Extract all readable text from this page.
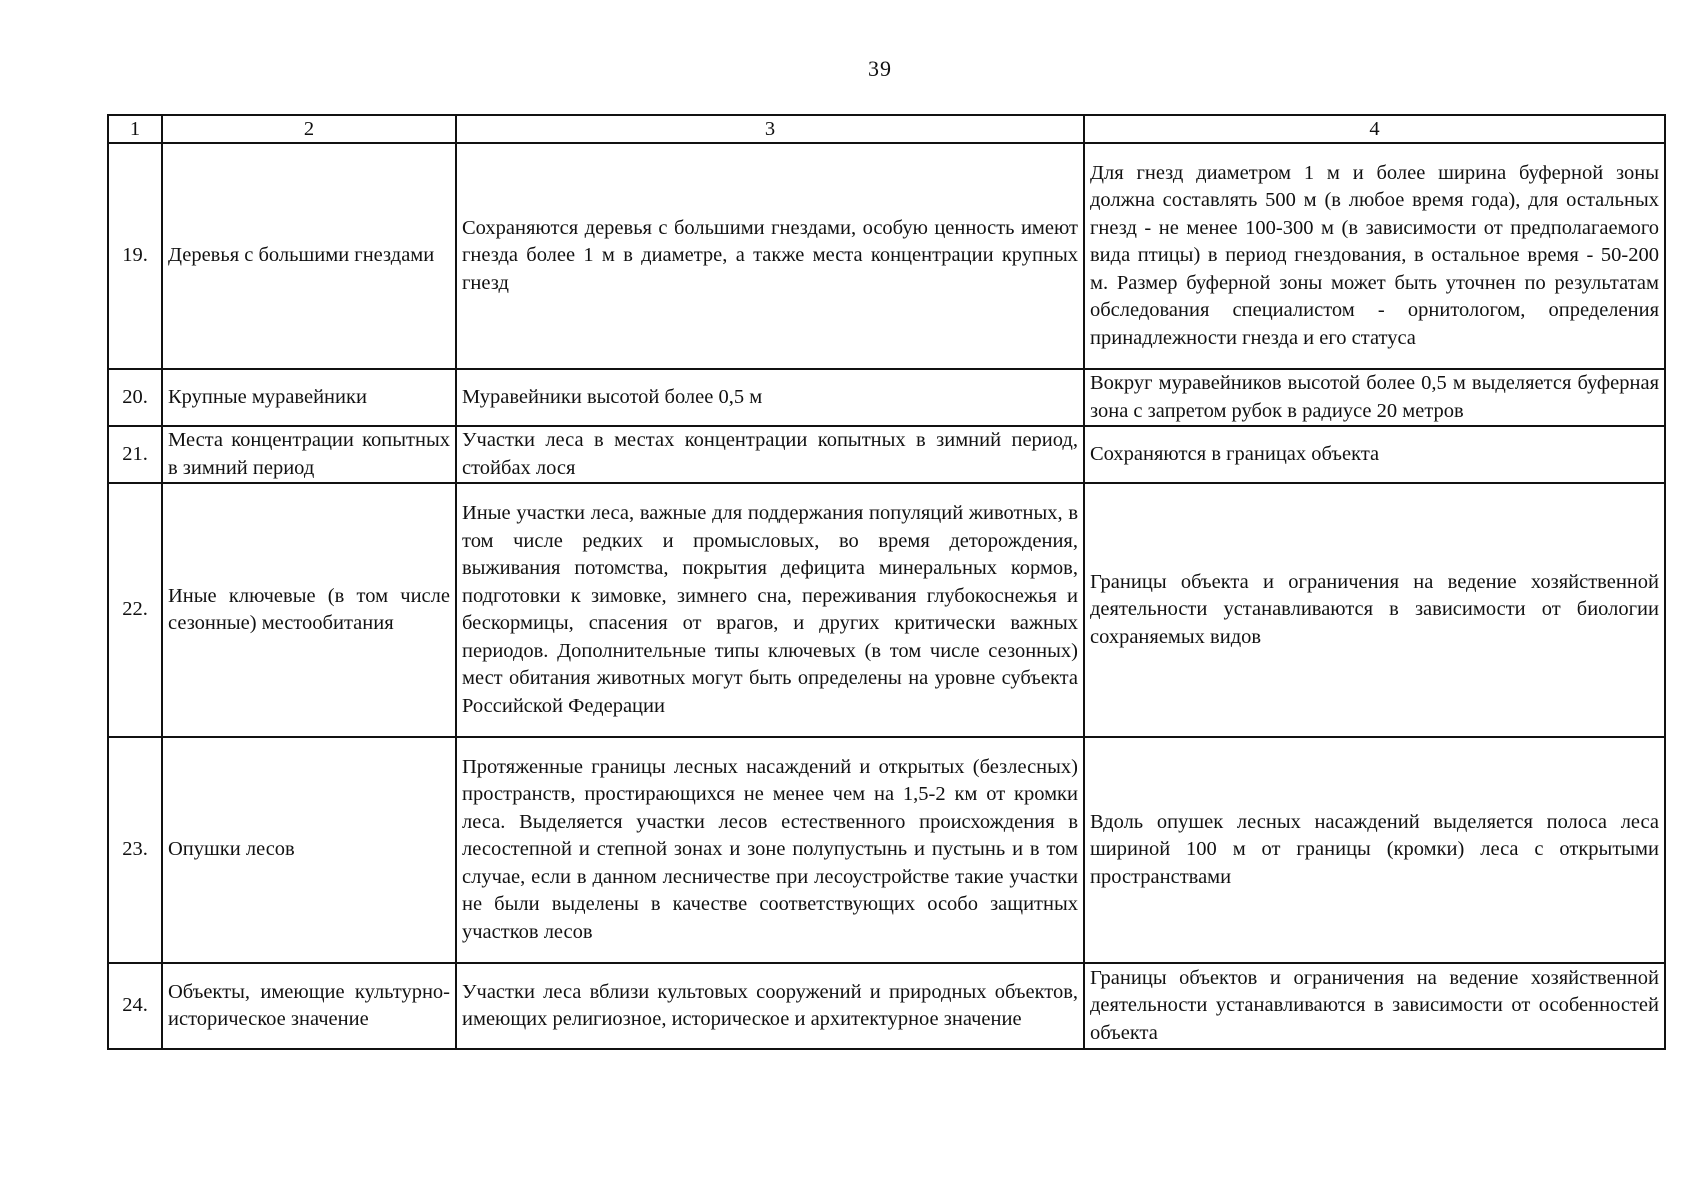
39
1	2	3	4
19.	Деревья с большими гнездами	Сохраняются деревья с большими гнездами, особую ценность имеют гнезда более 1 м в диаметре, а также места концентрации крупных гнезд	Для гнезд диаметром 1 м и более ширина буферной зоны должна составлять 500 м (в любое время года), для остальных гнезд - не менее 100-300 м (в зависимости от предполагаемого вида птицы) в период гнездования, в остальное время - 50-200 м. Размер буферной зоны может быть уточнен по результатам обследования специалистом - орнитологом, определения принадлежности гнезда и его статуса
20.	Крупные муравейники	Муравейники высотой более 0,5 м	Вокруг муравейников высотой более 0,5 м выделяется буферная зона с запретом рубок в радиусе 20 метров
21.	Места концентрации копытных в зимний период	Участки леса в местах концентрации копытных в зимний период, стойбах лося	Сохраняются в границах объекта
22.	Иные ключевые (в том числе сезонные) местообитания	Иные участки леса, важные для поддержания популяций животных, в том числе редких и промысловых, во время деторождения, выживания потомства, покрытия дефицита минеральных кормов, подготовки к зимовке, зимнего сна, переживания глубокоснежья и бескормицы, спасения от врагов, и других критически важных периодов. Дополнительные типы ключевых (в том числе сезонных) мест обитания животных могут быть определены на уровне субъекта Российской Федерации	Границы объекта и ограничения на ведение хозяйственной деятельности устанавливаются в зависимости от биологии сохраняемых видов
23.	Опушки лесов	Протяженные границы лесных насаждений и открытых (безлесных) пространств, простирающихся не менее чем на 1,5-2 км от кромки леса. Выделяется участки лесов естественного происхождения в лесостепной и степной зонах и зоне полупустынь и пустынь и в том случае, если в данном лесничестве при лесоустройстве такие участки не были выделены в качестве соответствующих особо защитных участков лесов	Вдоль опушек лесных насаждений выделяется полоса леса шириной 100 м от границы (кромки) леса с открытыми пространствами
24.	Объекты, имеющие культурно-историческое значение	Участки леса вблизи культовых сооружений и природных объектов, имеющих религиозное, историческое и архитектурное значение	Границы объектов и ограничения на ведение хозяйственной деятельности устанавливаются в зависимости от особенностей объекта
